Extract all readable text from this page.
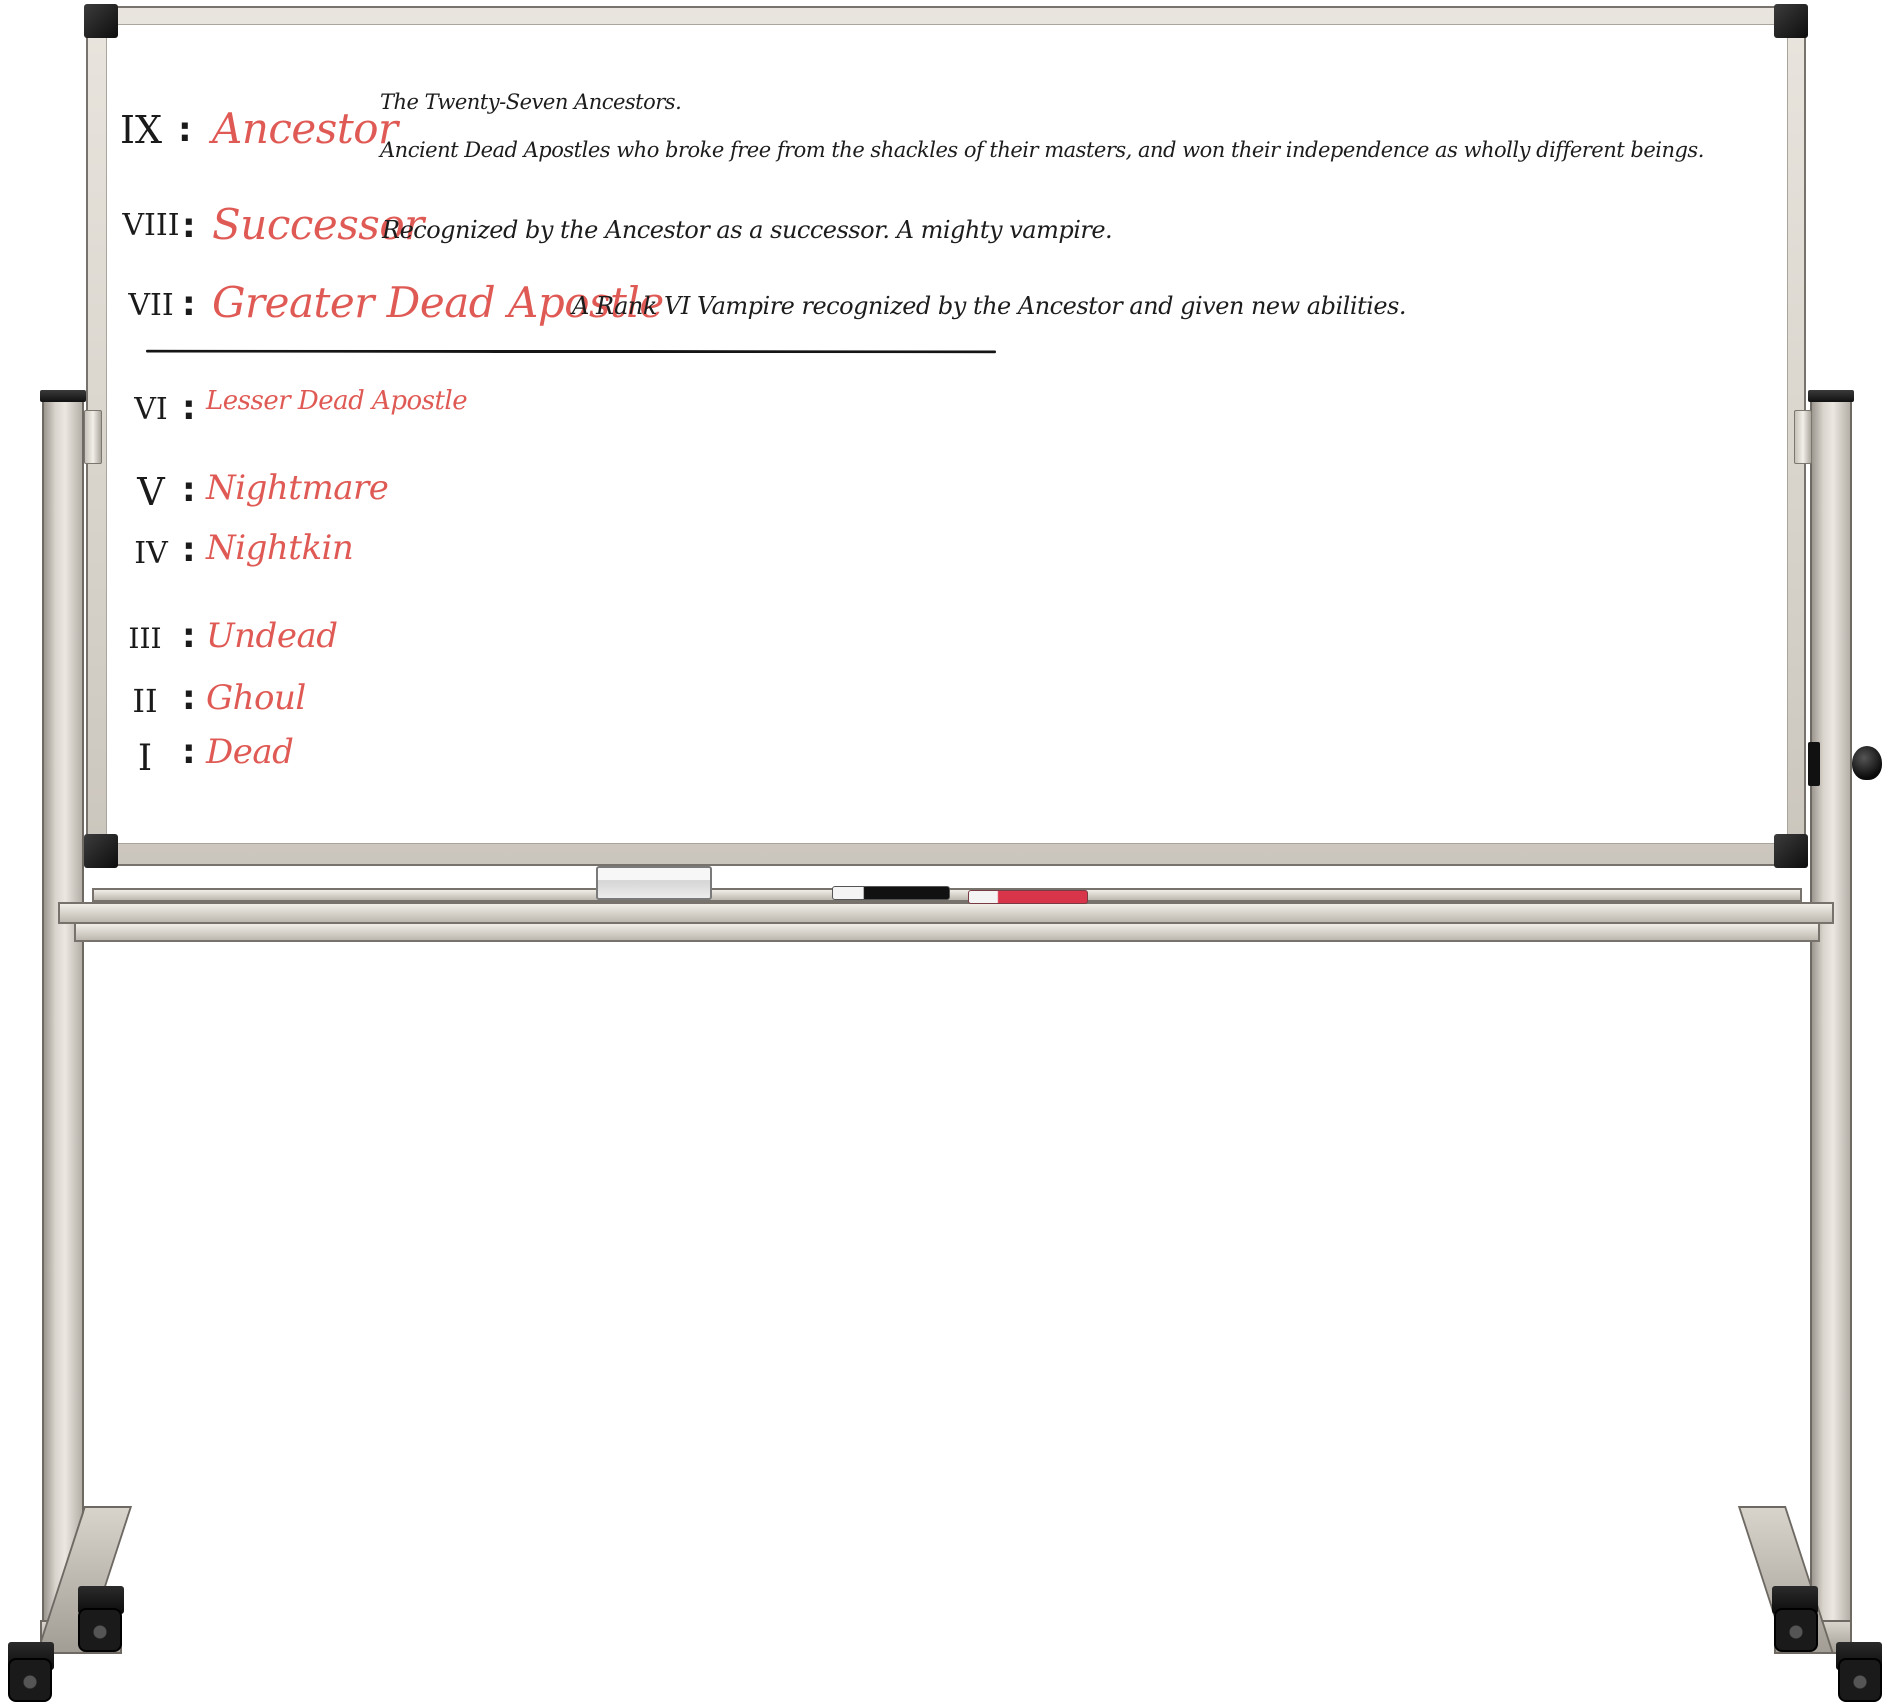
IX : Ancestor
The Twenty-Seven Ancestors.
Ancient Dead Apostles who broke free from the shackles of their masters, and won their independence as wholly different beings.
VIII : Successor
Recognized by the Ancestor as a successor. A mighty vampire.
VII : Greater Dead Apostle
A Rank VI Vampire recognized by the Ancestor and given new abilities.
VI : Lesser Dead Apostle
V : Nightmare
IV : Nightkin
III : Undead
II : Ghoul
I : Dead
